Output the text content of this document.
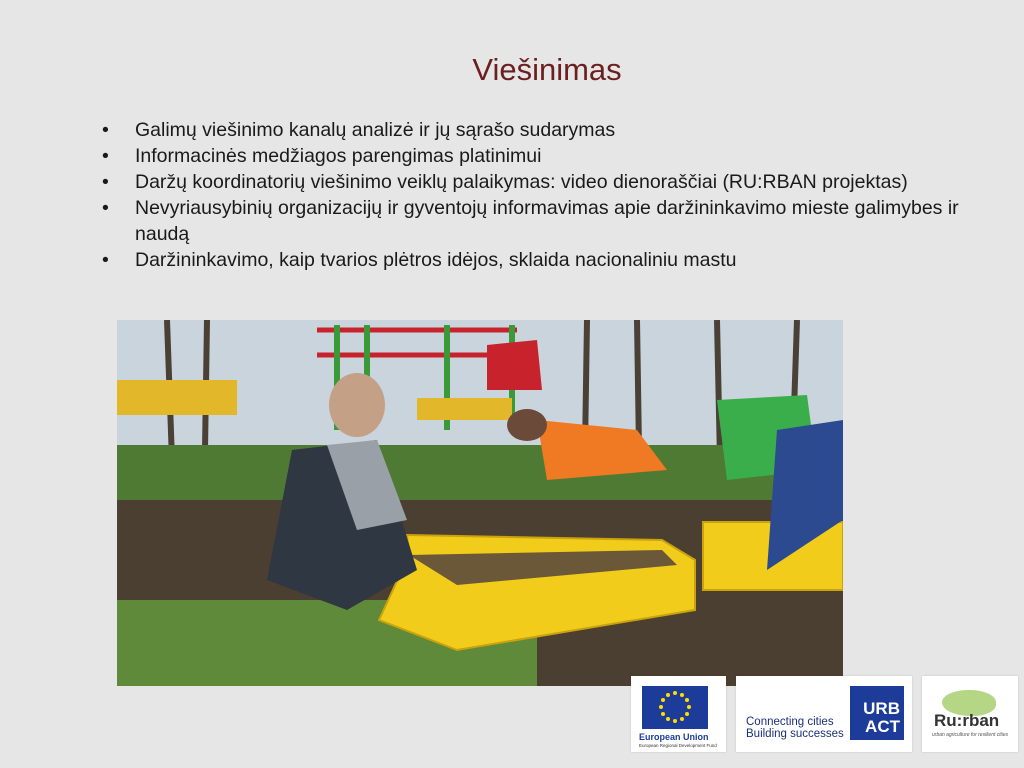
Viešinimas
• Galimų viešinimo kanalų analizė ir jų sąrašo sudarymas
• Informacinės medžiagos parengimas platinimui
• Daržų koordinatorių viešinimo veiklų palaikymas: video dienoraščiai (RU:RBAN projektas)
• Nevyriausybinių organizacijų ir gyventojų informavimas apie daržininkavimo mieste galimybes ir naudą
• Daržininkavimo, kaip tvarios plėtros idėjos, sklaida nacionaliniu mastu
European Union
European Regional Development Fund
Connecting cities
Building successes
URB
ACT Ru:rban
urban agriculture for resilient cities
